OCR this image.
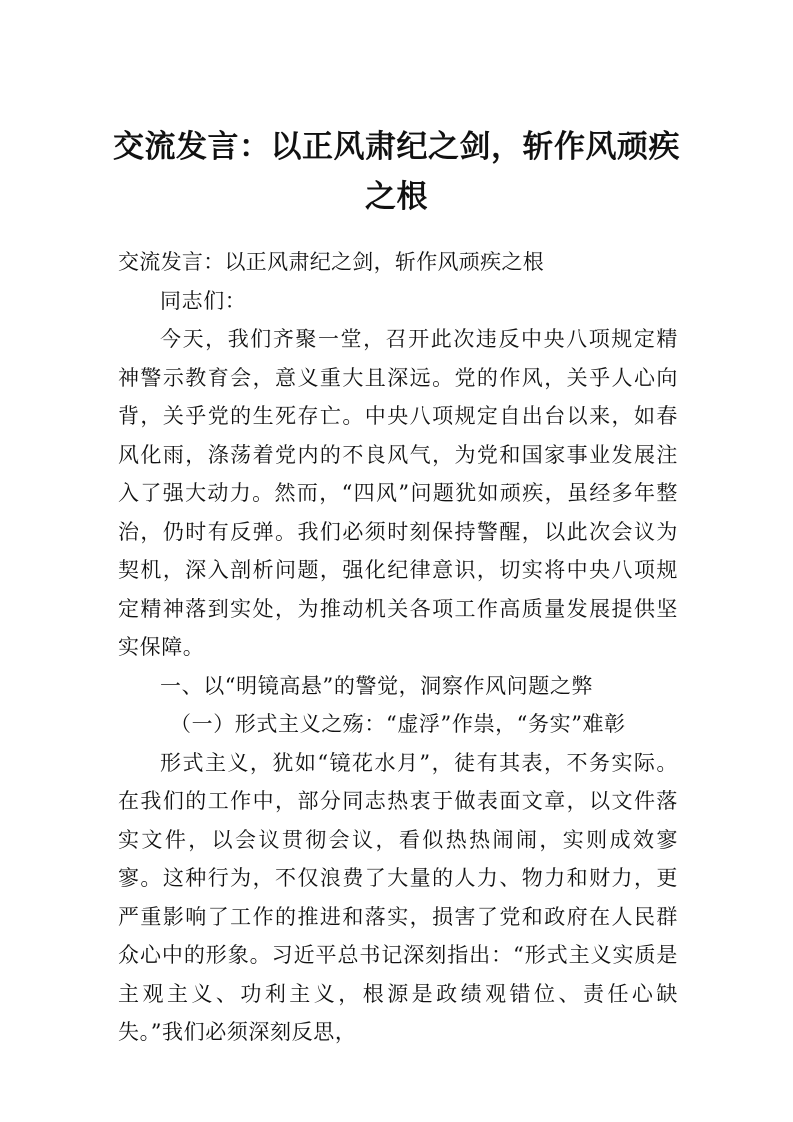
交流发言：以正风肃纪之剑，斩作风顽疾之根

交流发言：以正风肃纪之剑，斩作风顽疾之根

同志们：

今天，我们齐聚一堂，召开此次违反中央八项规定精神警示教育会，意义重大且深远。党的作风，关乎人心向背，关乎党的生死存亡。中央八项规定自出台以来，如春风化雨，涤荡着党内的不良风气，为党和国家事业发展注入了强大动力。然而，“四风”问题犹如顽疾，虽经多年整治，仍时有反弹。我们必须时刻保持警醒，以此次会议为契机，深入剖析问题，强化纪律意识，切实将中央八项规定精神落到实处，为推动机关各项工作高质量发展提供坚实保障。

一、以“明镜高悬”的警觉，洞察作风问题之弊

（一）形式主义之殇：“虚浮”作祟，“务实”难彰

形式主义，犹如“镜花水月”，徒有其表，不务实际。在我们的工作中，部分同志热衷于做表面文章，以文件落实文件，以会议贯彻会议，看似热热闹闹，实则成效寥寥。这种行为，不仅浪费了大量的人力、物力和财力，更严重影响了工作的推进和落实，损害了党和政府在人民群众心中的形象。习近平总书记深刻指出：“形式主义实质是主观主义、功利主义，根源是政绩观错位、责任心缺失。”我们必须深刻反思，
